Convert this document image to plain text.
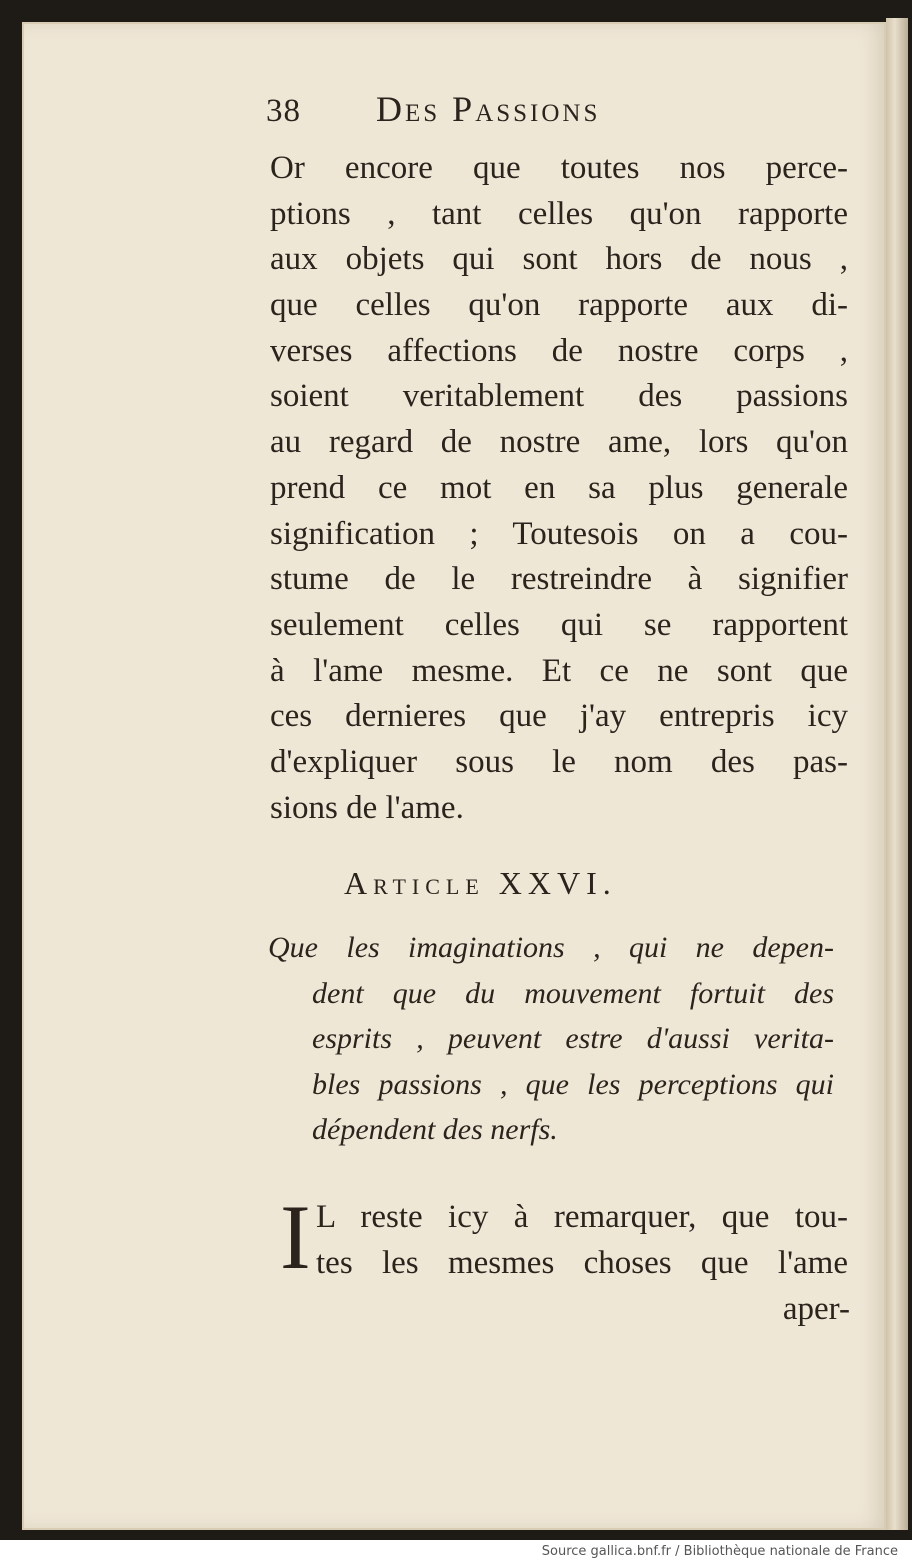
38	Des Passions
Or encore que toutes nos perce-
ptions , tant celles qu'on rapporte
aux objets qui sont hors de nous ,
que celles qu'on rapporte aux di-
verses affections de nostre corps ,
soient veritablement des passions
au regard de nostre ame, lors qu'on
prend ce mot en sa plus generale
signification ; Toutesois on a cou-
stume de le restreindre à signifier
seulement celles qui se rapportent
à l'ame mesme. Et ce ne sont que
ces dernieres que j'ay entrepris icy
d'expliquer sous le nom des pas-
sions de l'ame.
Article XXVI.
Que les imaginations , qui ne depen-
dent que du mouvement fortuit des
esprits , peuvent estre d'aussi verita-
bles passions , que les perceptions qui
dépendent des nerfs.
I L reste icy à remarquer, que tou-
tes les mesmes choses que l'ame
aper-
Source gallica.bnf.fr / Bibliothèque nationale de France
